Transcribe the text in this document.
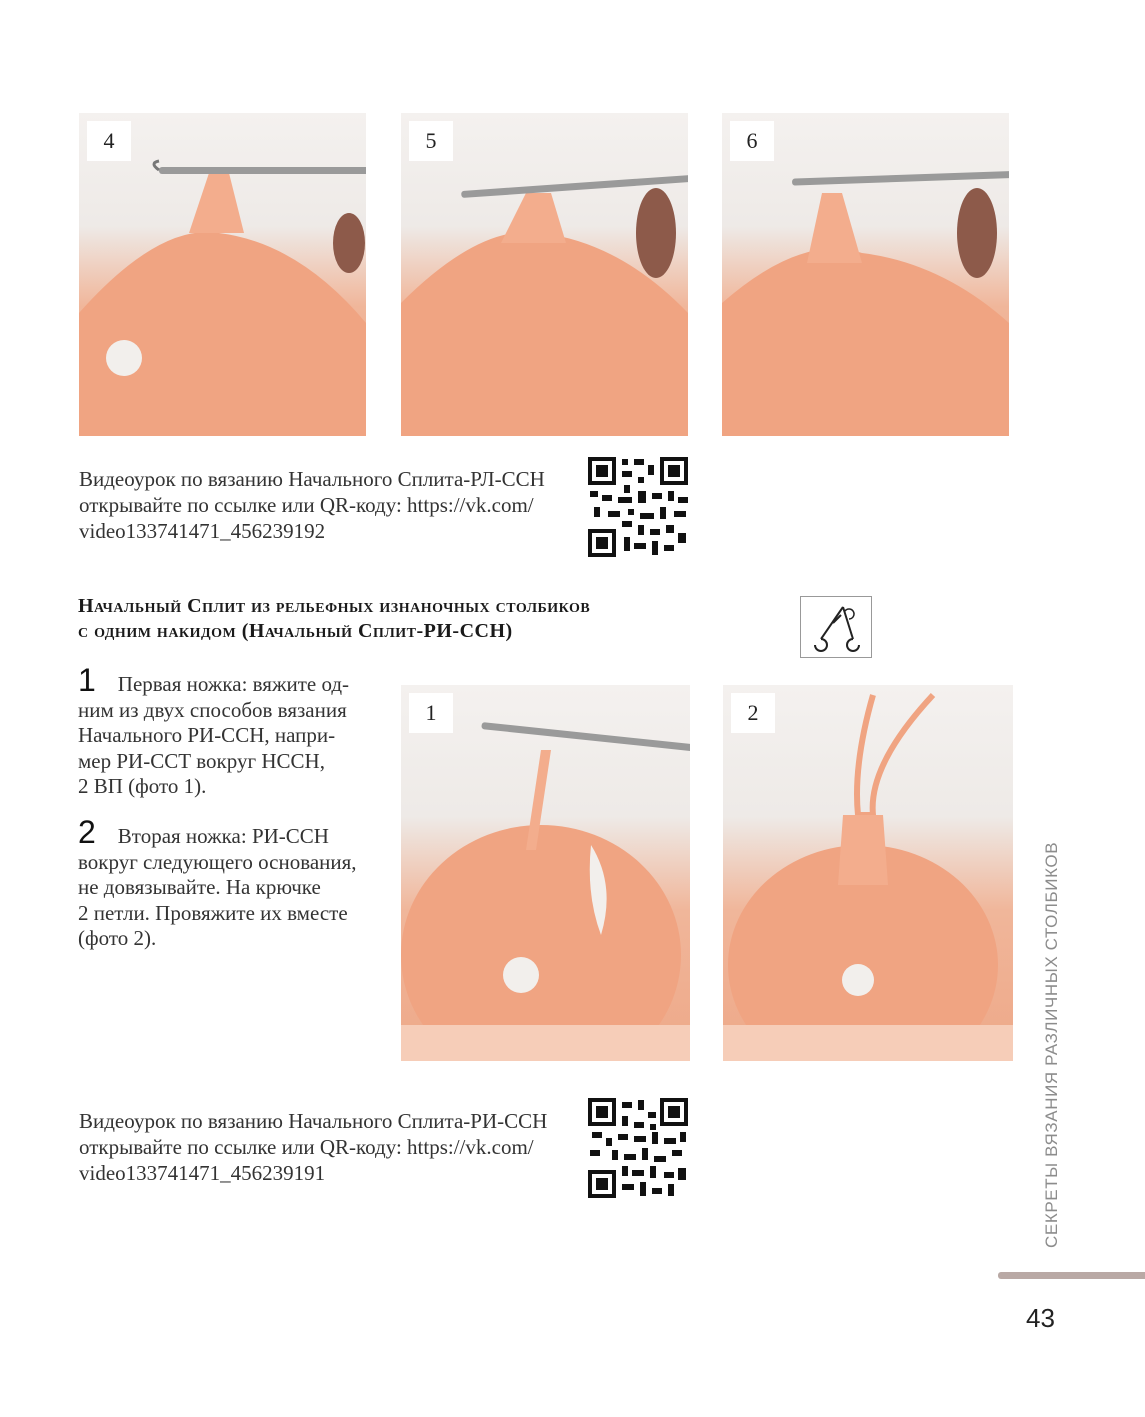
4	5	6
Видеоурок по вязанию Начального Сплита-РЛ-ССН
открывайте по ссылке или QR-коду: https://vk.com/
video133741471_456239192
Начальный Сплит из рельефных изнаночных столбиков
с одним накидом (Начальный Сплит-РИ-ССН)
1 Первая ножка: вяжите од-
ним из двух способов вязания
Начального РИ-ССН, напри-
мер РИ-ССТ вокруг НССН,
2 ВП (фото 1).
2 Вторая ножка: РИ-ССН
вокруг следующего основания,
не довязывайте. На крючке
2 петли. Провяжите их вместе
(фото 2).
1	2
Видеоурок по вязанию Начального Сплита-РИ-ССН
открывайте по ссылке или QR-коду: https://vk.com/
video133741471_456239191	СЕКРЕТЫ ВЯЗАНИЯ РАЗЛИЧНЫХ СТОЛБИКОВ
43
